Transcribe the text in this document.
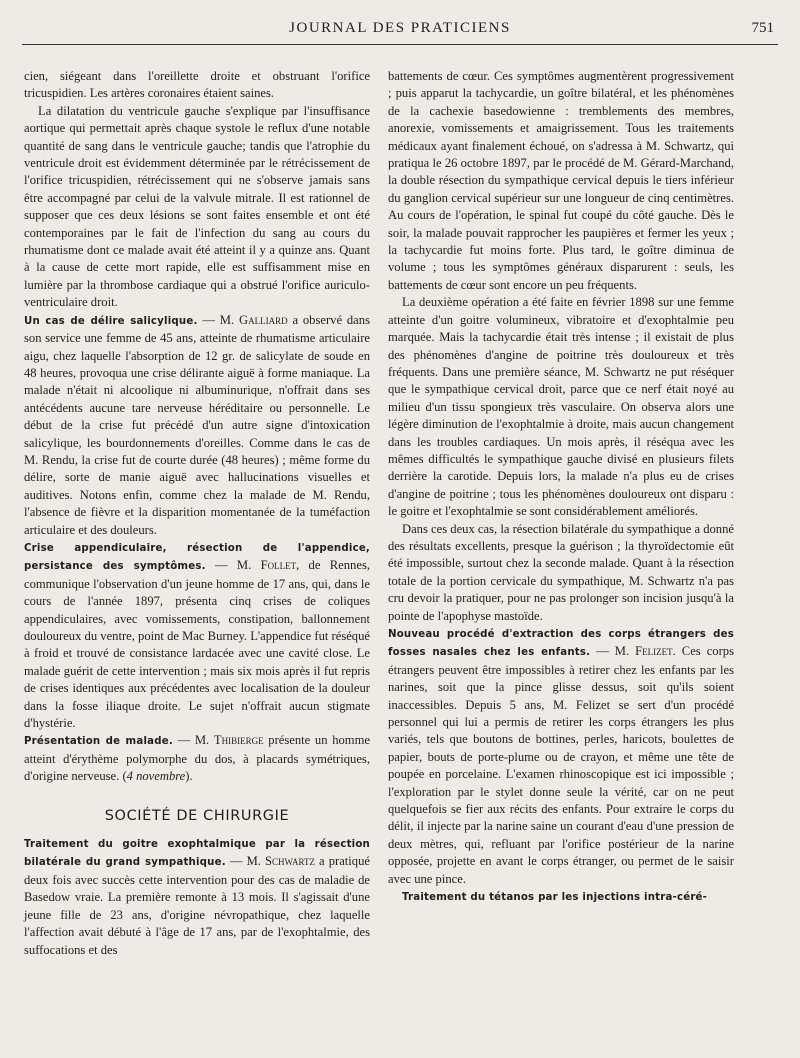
JOURNAL DES PRATICIENS	751

cien, siégeant dans l'oreillette droite et obstruant l'orifice tricuspidien. Les artères coronaires étaient saines.

La dilatation du ventricule gauche s'explique par l'insuffisance aortique qui permettait après chaque systole le reflux d'une notable quantité de sang dans le ventricule gauche; tandis que l'atrophie du ventricule droit est évidemment déterminée par le rétrécissement de l'orifice tricuspidien, rétrécissement qui ne s'observe jamais sans être accompagné par celui de la valvule mitrale. Il est rationnel de supposer que ces deux lésions se sont faites ensemble et ont été contemporaines par le fait de l'infection du sang au cours du rhumatisme dont ce malade avait été atteint il y a quinze ans. Quant à la cause de cette mort rapide, elle est suffisamment mise en lumière par la thrombose cardiaque qui a obstrué l'orifice auriculo-ventriculaire droit.

Un cas de délire salicylique. — M. Galliard a observé dans son service une femme de 45 ans, atteinte de rhumatisme articulaire aigu, chez laquelle l'absorption de 12 gr. de salicylate de soude en 48 heures, provoqua une crise délirante aiguë à forme maniaque. La malade n'était ni alcoolique ni albuminurique, n'offrait dans ses antécédents aucune tare nerveuse héréditaire ou personnelle. Le début de la crise fut précédé d'un autre signe d'intoxication salicylique, les bourdonnements d'oreilles. Comme dans le cas de M. Rendu, la crise fut de courte durée (48 heures) ; même forme du délire, sorte de manie aiguë avec hallucinations visuelles et auditives. Notons enfin, comme chez la malade de M. Rendu, l'absence de fièvre et la disparition momentanée de la tuméfaction articulaire et des douleurs.

Crise appendiculaire, résection de l'appendice, persistance des symptômes. — M. Follet, de Rennes, communique l'observation d'un jeune homme de 17 ans, qui, dans le cours de l'année 1897, présenta cinq crises de coliques appendiculaires, avec vomissements, constipation, ballonnement douloureux du ventre, point de Mac Burney. L'appendice fut réséqué à froid et trouvé de consistance lardacée avec une cavité close. Le malade guérit de cette intervention ; mais six mois après il fut repris de crises identiques aux précédentes avec localisation de la douleur dans la fosse iliaque droite. Le sujet n'offrait aucun stigmate d'hystérie.

Présentation de malade. — M. Thibierge présente un homme atteint d'érythème polymorphe du dos, à placards symétriques, d'origine nerveuse. (4 novembre).

SOCIÉTÉ DE CHIRURGIE

Traitement du goitre exophtalmique par la résection bilatérale du grand sympathique. — M. Schwartz a pratiqué deux fois avec succès cette intervention pour des cas de maladie de Basedow vraie. La première remonte à 13 mois. Il s'agissait d'une jeune fille de 23 ans, d'origine névropathique, chez laquelle l'affection avait débuté à l'âge de 17 ans, par de l'exophtalmie, des suffocations et des

battements de cœur. Ces symptômes augmentèrent progressivement ; puis apparut la tachycardie, un goître bilatéral, et les phénomènes de la cachexie basedowienne : tremblements des membres, anorexie, vomissements et amaigrissement. Tous les traitements médicaux ayant finalement échoué, on s'adressa à M. Schwartz, qui pratiqua le 26 octobre 1897, par le procédé de M. Gérard-Marchand, la double résection du sympathique cervical depuis le tiers inférieur du ganglion cervical supérieur sur une longueur de cinq centimètres. Au cours de l'opération, le spinal fut coupé du côté gauche. Dès le soir, la malade pouvait rapprocher les paupières et fermer les yeux ; la tachycardie fut moins forte. Plus tard, le goître diminua de volume ; tous les symptômes généraux disparurent : seuls, les battements de cœur sont encore un peu fréquents.

La deuxième opération a été faite en février 1898 sur une femme atteinte d'un goitre volumineux, vibratoire et d'exophtalmie peu marquée. Mais la tachycardie était très intense ; il existait de plus des phénomènes d'angine de poitrine très douloureux et très fréquents. Dans une première séance, M. Schwartz ne put réséquer que le sympathique cervical droit, parce que ce nerf était noyé au milieu d'un tissu spongieux très vasculaire. On observa alors une légère diminution de l'exophtalmie à droite, mais aucun changement dans les troubles cardiaques. Un mois après, il réséqua avec les mêmes difficultés le sympathique gauche divisé en plusieurs filets derrière la carotide. Depuis lors, la malade n'a plus eu de crises d'angine de poitrine ; tous les phénomènes douloureux ont disparu : le goitre et l'exophtalmie se sont considérablement améliorés.

Dans ces deux cas, la résection bilatérale du sympathique a donné des résultats excellents, presque la guérison ; la thyroïdectomie eût été impossible, surtout chez la seconde malade. Quant à la résection totale de la portion cervicale du sympathique, M. Schwartz n'a pas cru devoir la pratiquer, pour ne pas prolonger son incision jusqu'à la pointe de l'apophyse mastoïde.

Nouveau procédé d'extraction des corps étrangers des fosses nasales chez les enfants. — M. Felizet. Ces corps étrangers peuvent être impossibles à retirer chez les enfants par les narines, soit que la pince glisse dessus, soit qu'ils soient inaccessibles. Depuis 5 ans, M. Felizet se sert d'un procédé personnel qui lui a permis de retirer les corps étrangers les plus variés, tels que boutons de bottines, perles, haricots, boulettes de papier, bouts de porte-plume ou de crayon, et même une tête de poupée en porcelaine. L'examen rhinoscopique est ici impossible ; l'exploration par le stylet donne seule la vérité, car on ne peut quelquefois se fier aux récits des enfants. Pour extraire le corps du délit, il injecte par la narine saine un courant d'eau d'une pression de deux mètres, qui, refluant par l'orifice postérieur de la narine opposée, projette en avant le corps étranger, ou permet de le saisir avec une pince.

Traitement du tétanos par les injections intra-céré-
